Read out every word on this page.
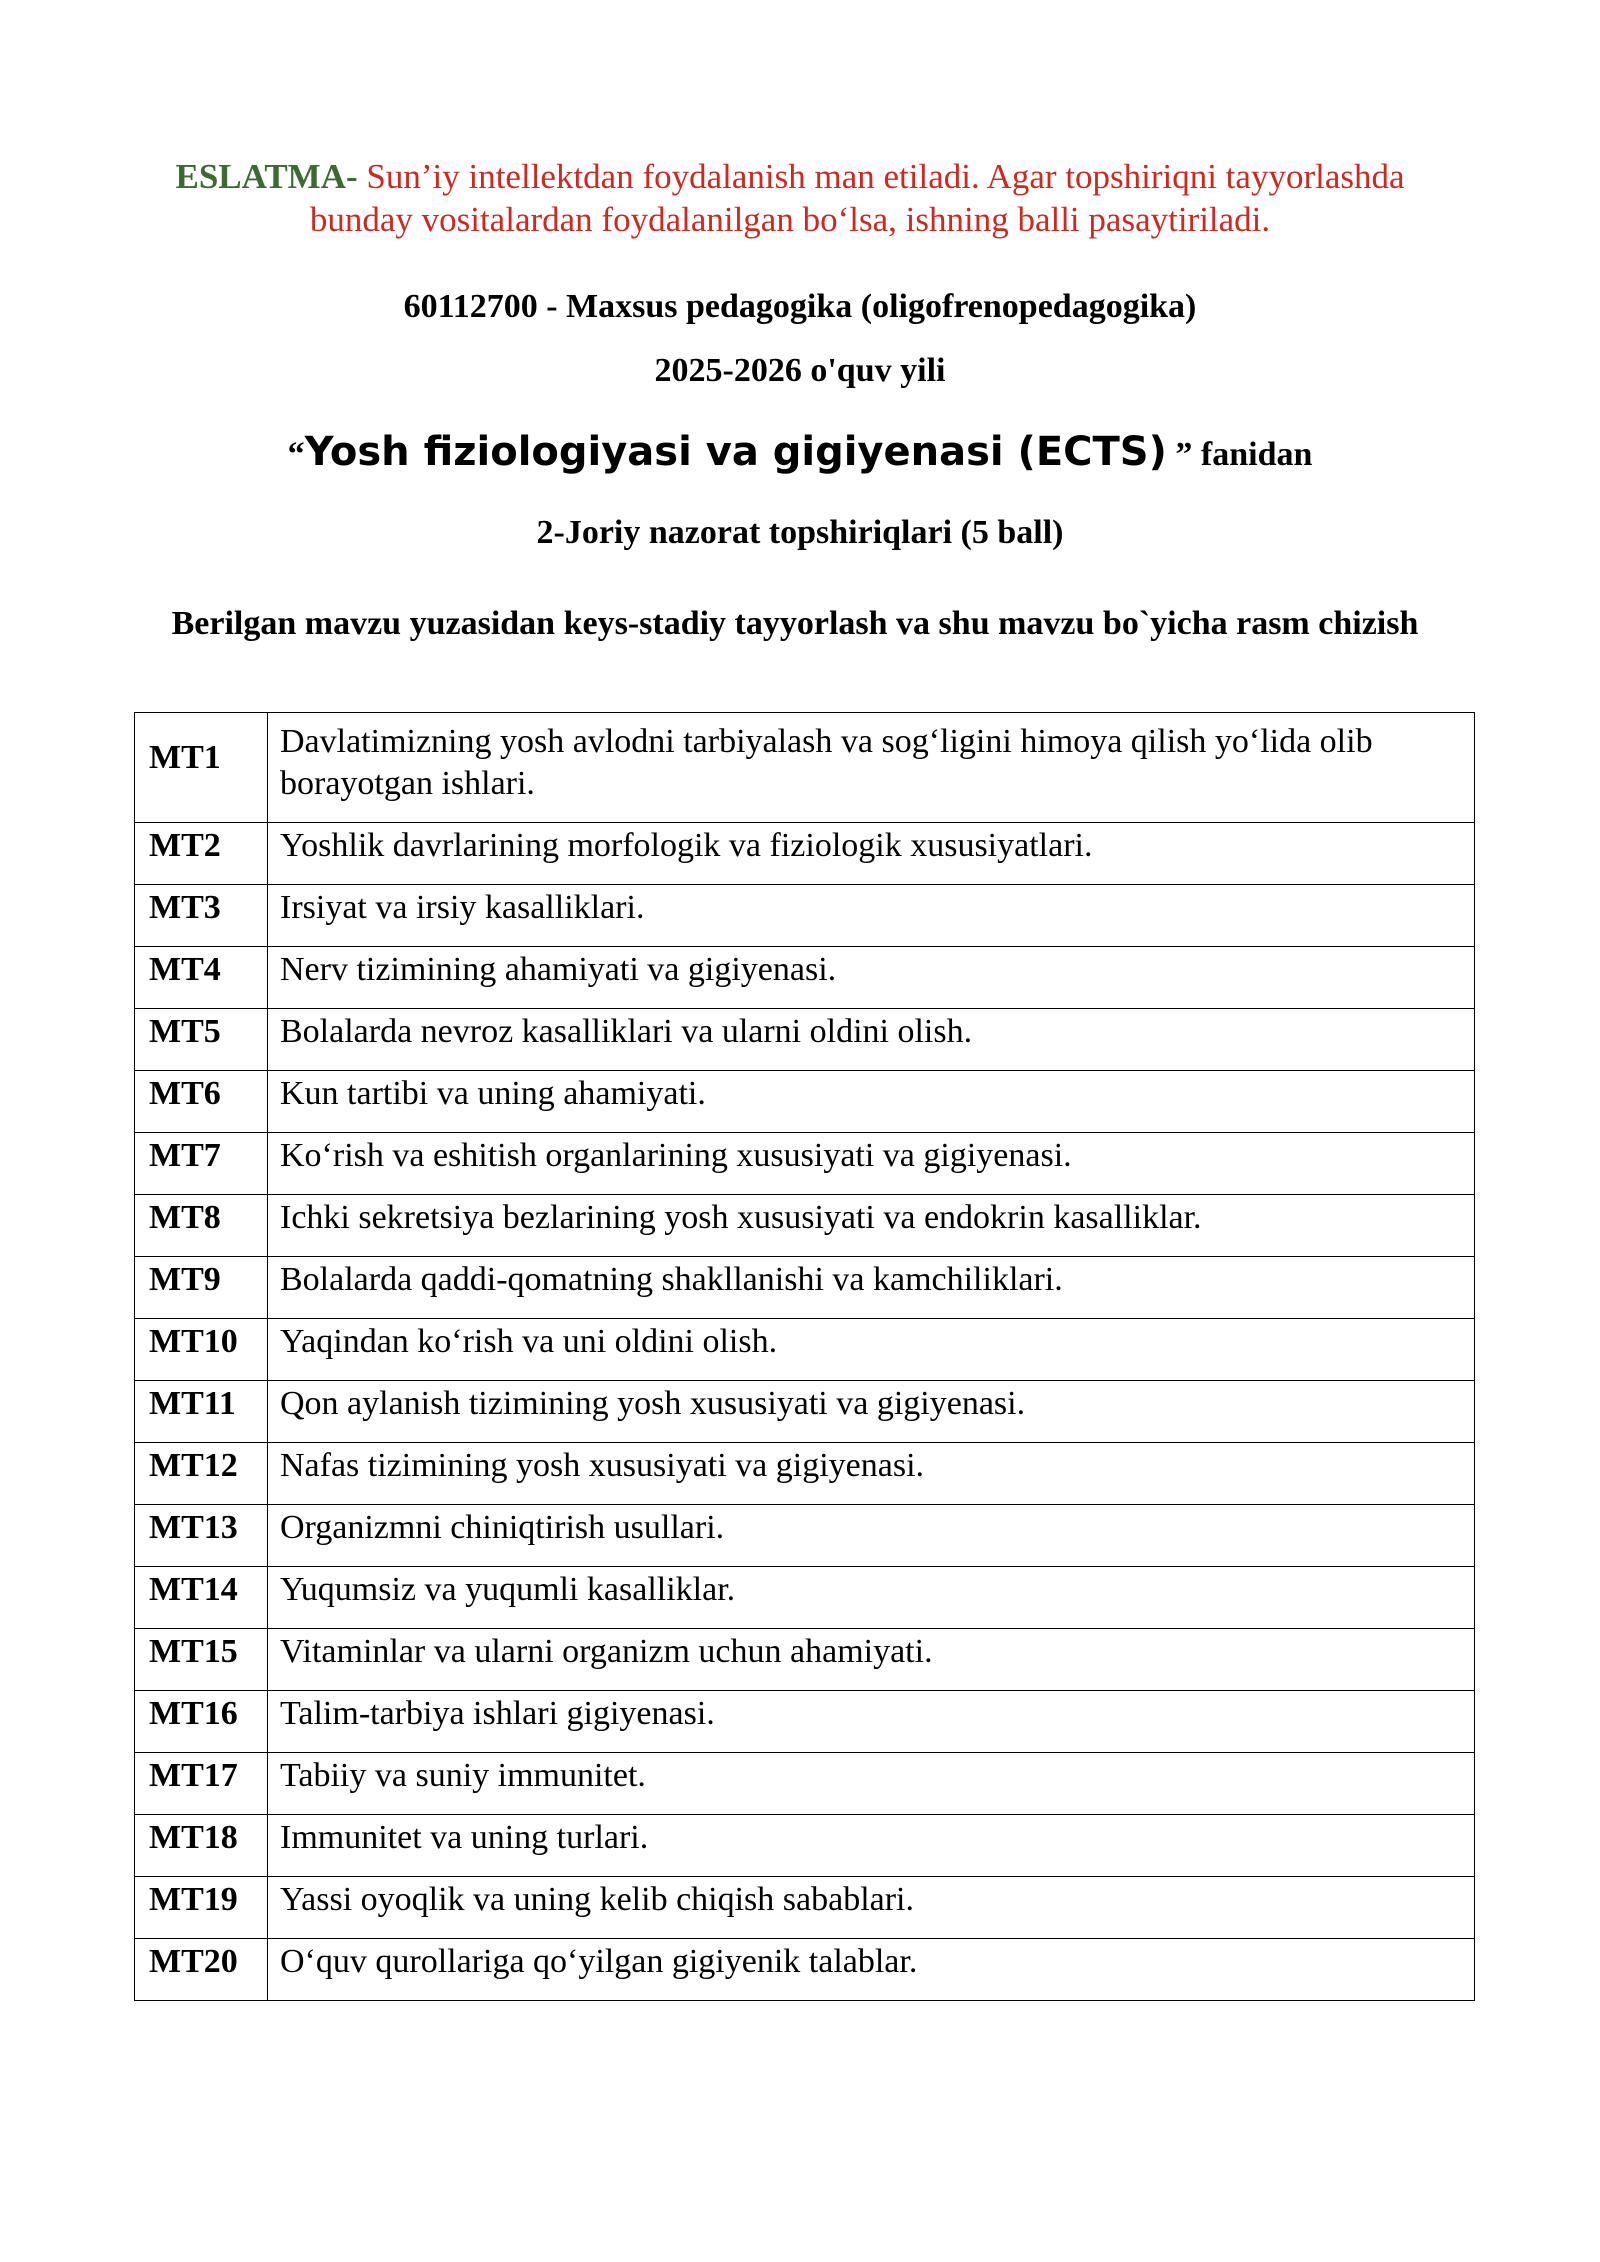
ESLATMA- Sun’iy intellektdan foydalanish man etiladi. Agar topshiriqni tayyorlashda bunday vositalardan foydalanilgan bo‘lsa, ishning balli pasaytiriladi.
60112700 - Maxsus pedagogika (oligofrenopedagogika)
2025-2026 o'quv yili
“Yosh fiziologiyasi va gigiyenasi (ECTS) ” fanidan
2-Joriy nazorat topshiriqlari (5 ball)
Berilgan mavzu yuzasidan keys-stadiy tayyorlash va shu mavzu bo`yicha rasm chizish
MT1	Davlatimizning yosh avlodni tarbiyalash va sog‘ligini himoya qilish yo‘lida olib borayotgan ishlari.
MT2	Yoshlik davrlarining morfologik va fiziologik xususiyatlari.
MT3	Irsiyat va irsiy kasalliklari.
MT4	Nerv tizimining ahamiyati va gigiyenasi.
MT5	Bolalarda nevroz kasalliklari va ularni oldini olish.
MT6	Kun tartibi va uning ahamiyati.
MT7	Ko‘rish va eshitish organlarining xususiyati va gigiyenasi.
MT8	Ichki sekretsiya bezlarining yosh xususiyati va endokrin kasalliklar.
MT9	Bolalarda qaddi-qomatning shakllanishi va kamchiliklari.
MT10	Yaqindan ko‘rish va uni oldini olish.
MT11	Qon aylanish tizimining yosh xususiyati va gigiyenasi.
MT12	Nafas tizimining yosh xususiyati va gigiyenasi.
MT13	Organizmni chiniqtirish usullari.
MT14	Yuqumsiz va yuqumli kasalliklar.
MT15	Vitaminlar va ularni organizm uchun ahamiyati.
MT16	Talim-tarbiya ishlari gigiyenasi.
MT17	Tabiiy va suniy immunitet.
MT18	Immunitet va uning turlari.
MT19	Yassi oyoqlik va uning kelib chiqish sabablari.
MT20	O‘quv qurollariga qo‘yilgan gigiyenik talablar.
